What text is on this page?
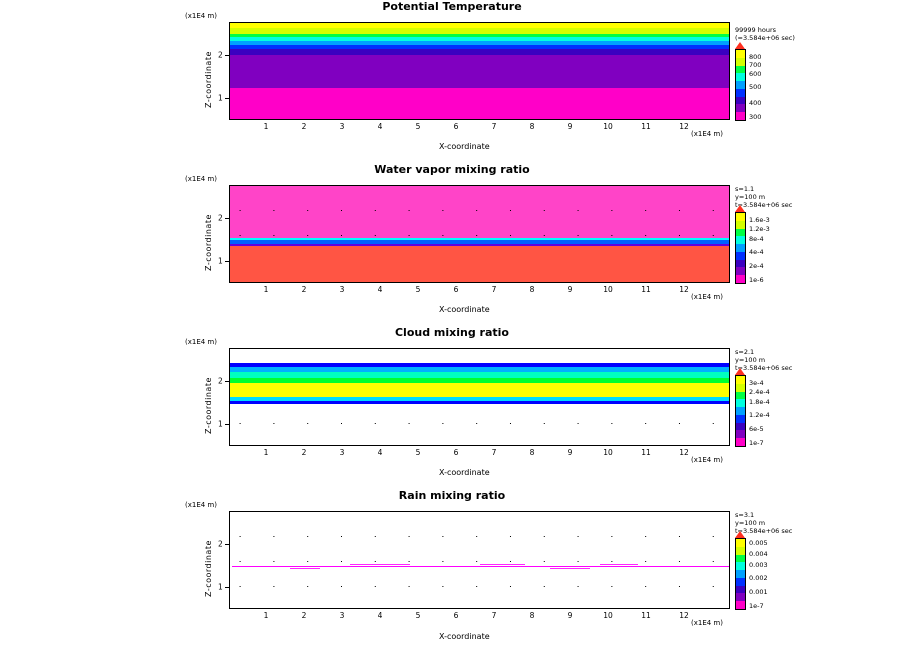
Potential Temperature
(x1E4 m)
Z-coordinate 2
1
1	2	3	4	5	6	7	8	9	10	11	12
(x1E4 m)
X-coordinate
99999 hours
(=3.584e+06 sec)
800
700
600
500
400
300
Water vapor mixing ratio
(x1E4 m)
Z-coordinate 2
1
1	2	3	4	5	6	7	8	9	10	11	12
(x1E4 m)
X-coordinate
s=1.1
y=100 m
t=3.584e+06 sec
1.6e-3
1.2e-3
8e-4
4e-4
2e-4
1e-6
Cloud mixing ratio
(x1E4 m)
Z-coordinate 2
1
1	2	3	4	5	6	7	8	9	10	11	12
(x1E4 m)
X-coordinate
s=2.1
y=100 m
t=3.584e+06 sec
3e-4
2.4e-4
1.8e-4
1.2e-4
6e-5
1e-7
Rain mixing ratio
(x1E4 m)
Z-coordinate 2
1
1	2	3	4	5	6	7	8	9	10	11	12
(x1E4 m)
X-coordinate
s=3.1
y=100 m
t=3.584e+06 sec
0.005
0.004
0.003
0.002
0.001
1e-7
